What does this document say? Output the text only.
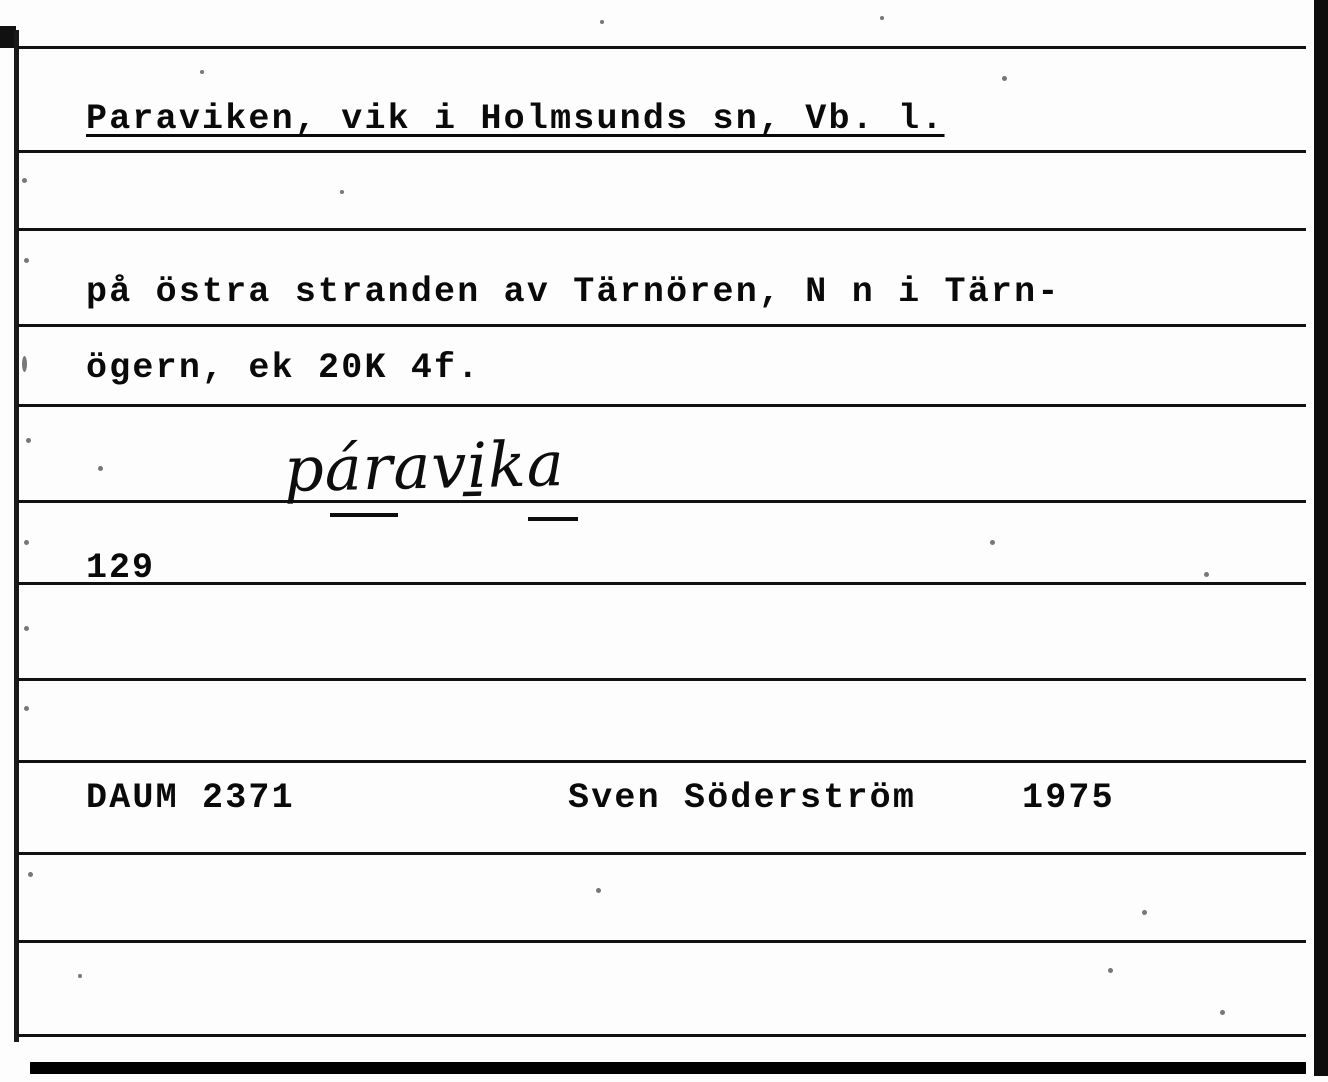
Paraviken, vik i Holmsunds sn, Vb. l.
på östra stranden av Tärnören, N n i Tärn-
ögern, ek 20K 4f.
129
DAUM 2371	Sven Söderström	1975
páravi̱ka
